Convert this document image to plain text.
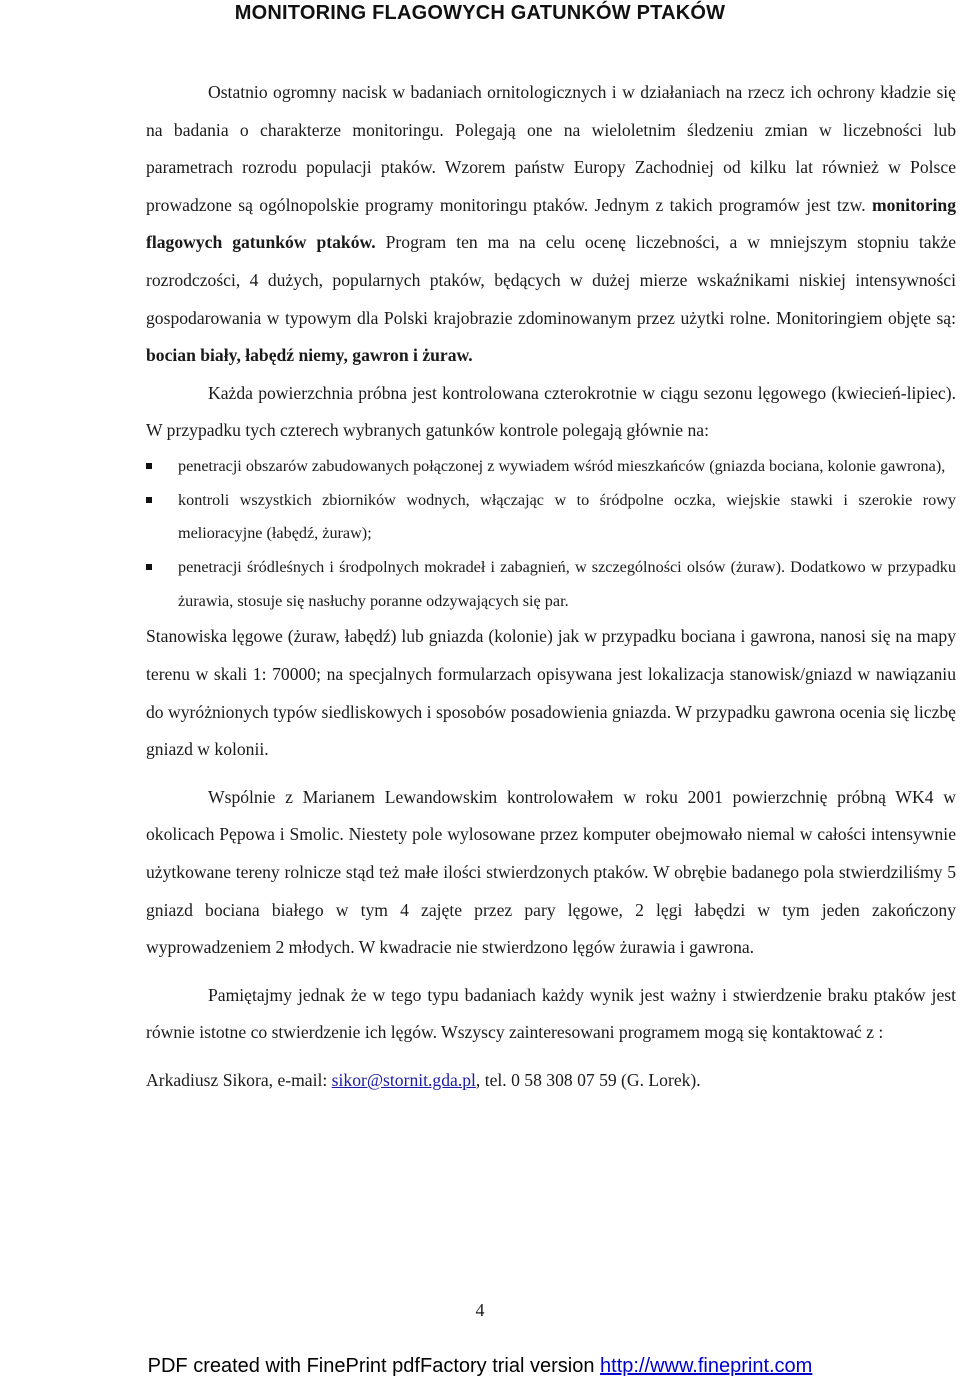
MONITORING FLAGOWYCH GATUNKÓW PTAKÓW

Ostatnio ogromny nacisk w badaniach ornitologicznych i w działaniach na rzecz ich ochrony kładzie się na badania o charakterze monitoringu. Polegają one na wieloletnim śledzeniu zmian w liczebności lub parametrach rozrodu populacji ptaków. Wzorem państw Europy Zachodniej od kilku lat również w Polsce prowadzone są ogólnopolskie programy monitoringu ptaków. Jednym z takich programów jest tzw. monitoring flagowych gatunków ptaków. Program ten ma na celu ocenę liczebności, a w mniejszym stopniu także rozrodczości, 4 dużych, popularnych ptaków, będących w dużej mierze wskaźnikami niskiej intensywności gospodarowania w typowym dla Polski krajobrazie zdominowanym przez użytki rolne. Monitoringiem objęte są: bocian biały, łabędź niemy, gawron i żuraw.

Każda powierzchnia próbna jest kontrolowana czterokrotnie w ciągu sezonu lęgowego (kwiecień-lipiec). W przypadku tych czterech wybranych gatunków kontrole polegają głównie na:

penetracji obszarów zabudowanych połączonej z wywiadem wśród mieszkańców (gniazda bociana, kolonie gawrona),
kontroli wszystkich zbiorników wodnych, włączając w to śródpolne oczka, wiejskie stawki i szerokie rowy melioracyjne (łabędź, żuraw);
penetracji śródleśnych i środpolnych mokradeł i zabagnień, w szczególności olsów (żuraw). Dodatkowo w przypadku żurawia, stosuje się nasłuchy poranne odzywających się par.

Stanowiska lęgowe (żuraw, łabędź) lub gniazda (kolonie) jak w przypadku bociana i gawrona, nanosi się na mapy terenu w skali 1: 70000; na specjalnych formularzach opisywana jest lokalizacja stanowisk/gniazd w nawiązaniu do wyróżnionych typów siedliskowych i sposobów posadowienia gniazda. W przypadku gawrona ocenia się liczbę gniazd w kolonii.

Wspólnie z Marianem Lewandowskim kontrolowałem w roku 2001 powierzchnię próbną WK4 w okolicach Pępowa i Smolic. Niestety pole wylosowane przez komputer obejmowało niemal w całości intensywnie użytkowane tereny rolnicze stąd też małe ilości stwierdzonych ptaków. W obrębie badanego pola stwierdziliśmy 5 gniazd bociana białego w tym 4 zajęte przez pary lęgowe, 2 lęgi łabędzi w tym jeden zakończony wyprowadzeniem 2 młodych. W kwadracie nie stwierdzono lęgów żurawia i gawrona.

Pamiętajmy jednak że w tego typu badaniach każdy wynik jest ważny i stwierdzenie braku ptaków jest równie istotne co stwierdzenie ich lęgów. Wszyscy zainteresowani programem mogą się kontaktować z :

Arkadiusz Sikora, e-mail: sikor@stornit.gda.pl, tel. 0 58 308 07 59 (G. Lorek).

4
PDF created with FinePrint pdfFactory trial version http://www.fineprint.com
